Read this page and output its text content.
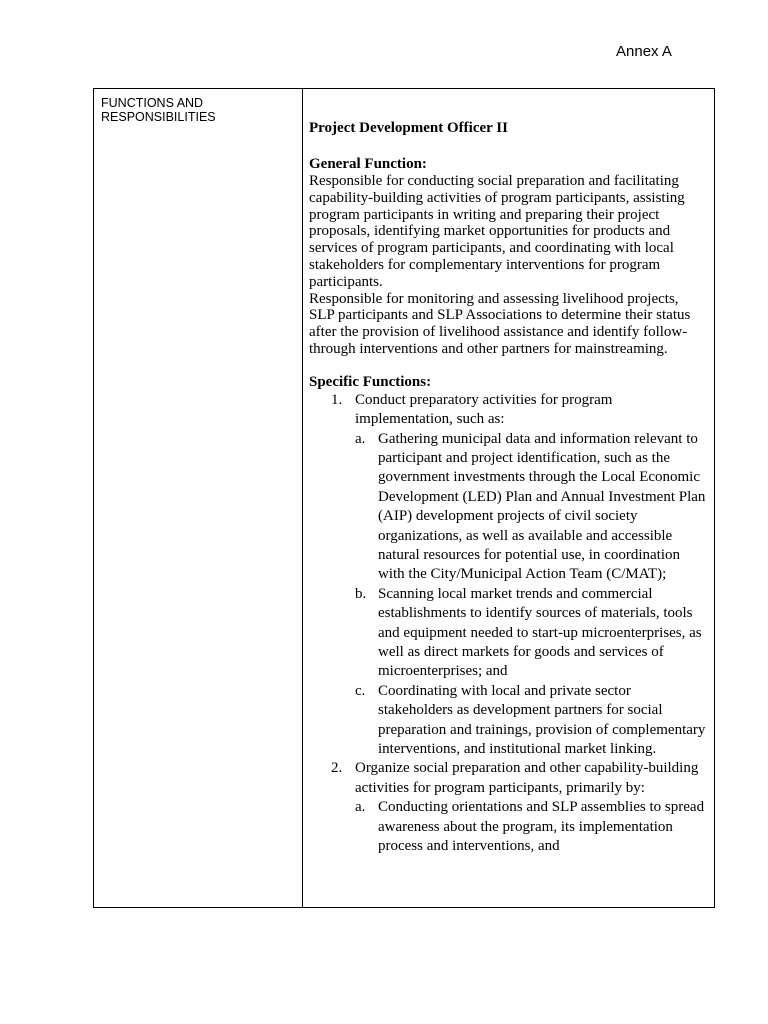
Annex A
FUNCTIONS AND RESPONSIBILITIES

Project Development Officer II

General Function:

Responsible for conducting social preparation and facilitating capability-building activities of program participants, assisting program participants in writing and preparing their project proposals, identifying market opportunities for products and services of program participants, and coordinating with local stakeholders for complementary interventions for program participants.

Responsible for monitoring and assessing livelihood projects, SLP participants and SLP Associations to determine their status after the provision of livelihood assistance and identify follow-through interventions and other partners for mainstreaming.

Specific Functions:

1. Conduct preparatory activities for program implementation, such as:
a. Gathering municipal data and information relevant to participant and project identification, such as the government investments through the Local Economic Development (LED) Plan and Annual Investment Plan (AIP) development projects of civil society organizations, as well as available and accessible natural resources for potential use, in coordination with the City/Municipal Action Team (C/MAT);
b. Scanning local market trends and commercial establishments to identify sources of materials, tools and equipment needed to start-up microenterprises, as well as direct markets for goods and services of microenterprises; and
c. Coordinating with local and private sector stakeholders as development partners for social preparation and trainings, provision of complementary interventions, and institutional market linking.
2. Organize social preparation and other capability-building activities for program participants, primarily by:
a. Conducting orientations and SLP assemblies to spread awareness about the program, its implementation process and interventions, and
